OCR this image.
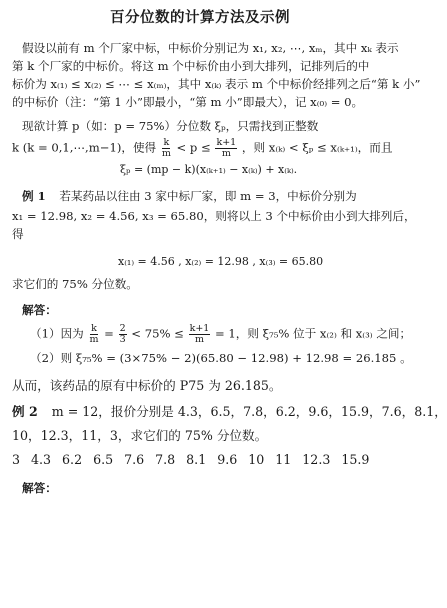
百分位数的计算方法及示例
假设以前有 m 个厂家中标，中标价分别记为 x₁, x₂, ⋯, xₘ，其中 xₖ 表示
第 k 个厂家的中标价。将这 m 个中标价由小到大排列，记排列后的中
标价为 x₍₁₎ ≤ x₍₂₎ ≤ ⋯ ≤ x₍ₘ₎，其中 x₍ₖ₎ 表示 m 个中标价经排列之后“第 k 小”
的中标价（注：“第 1 小”即最小，“第 m 小”即最大），记 x₍₀₎ = 0。
现欲计算 p（如：p = 75%）分位数 ξₚ，只需找到正整数
k (k = 0,1,⋯,m−1)，使得 $\frac{k}{m} < p \le \frac{k+1}{m}$ ，则 x₍ₖ₎ < ξₚ ≤ x₍ₖ₊₁₎，而且
ξₚ = (mp − k)(x₍ₖ₊₁₎ − x₍ₖ₎) + x₍ₖ₎.
例 1 若某药品以往由 3 家中标厂家，即 m = 3，中标价分别为
x₁ = 12.98, x₂ = 4.56, x₃ = 65.80，则将以上 3 个中标价由小到大排列后，
得
x₍₁₎ = 4.56 , x₍₂₎ = 12.98 , x₍₃₎ = 65.80
求它们的 75% 分位数。
解答：
（1）因为 $\frac{k}{m} = \frac{2}{3} < 75\% \le \frac{k+1}{m} = 1$，则 ξ₇₅% 位于 x₍₂₎ 和 x₍₃₎ 之间；
（2）则 ξ₇₅% = (3×75% − 2)(65.80 − 12.98) + 12.98 = 26.185 。
从而，该药品的原有中标价的 P75 为 26.185。
例 2 m = 12，报价分别是 4.3，6.5，7.8，6.2，9.6，15.9，7.6，8.1，
10，12.3，11，3，求它们的 75% 分位数。
3 4.3 6.2 6.5 7.6 7.8 8.1 9.6 10 11 12.3 15.9
解答：
